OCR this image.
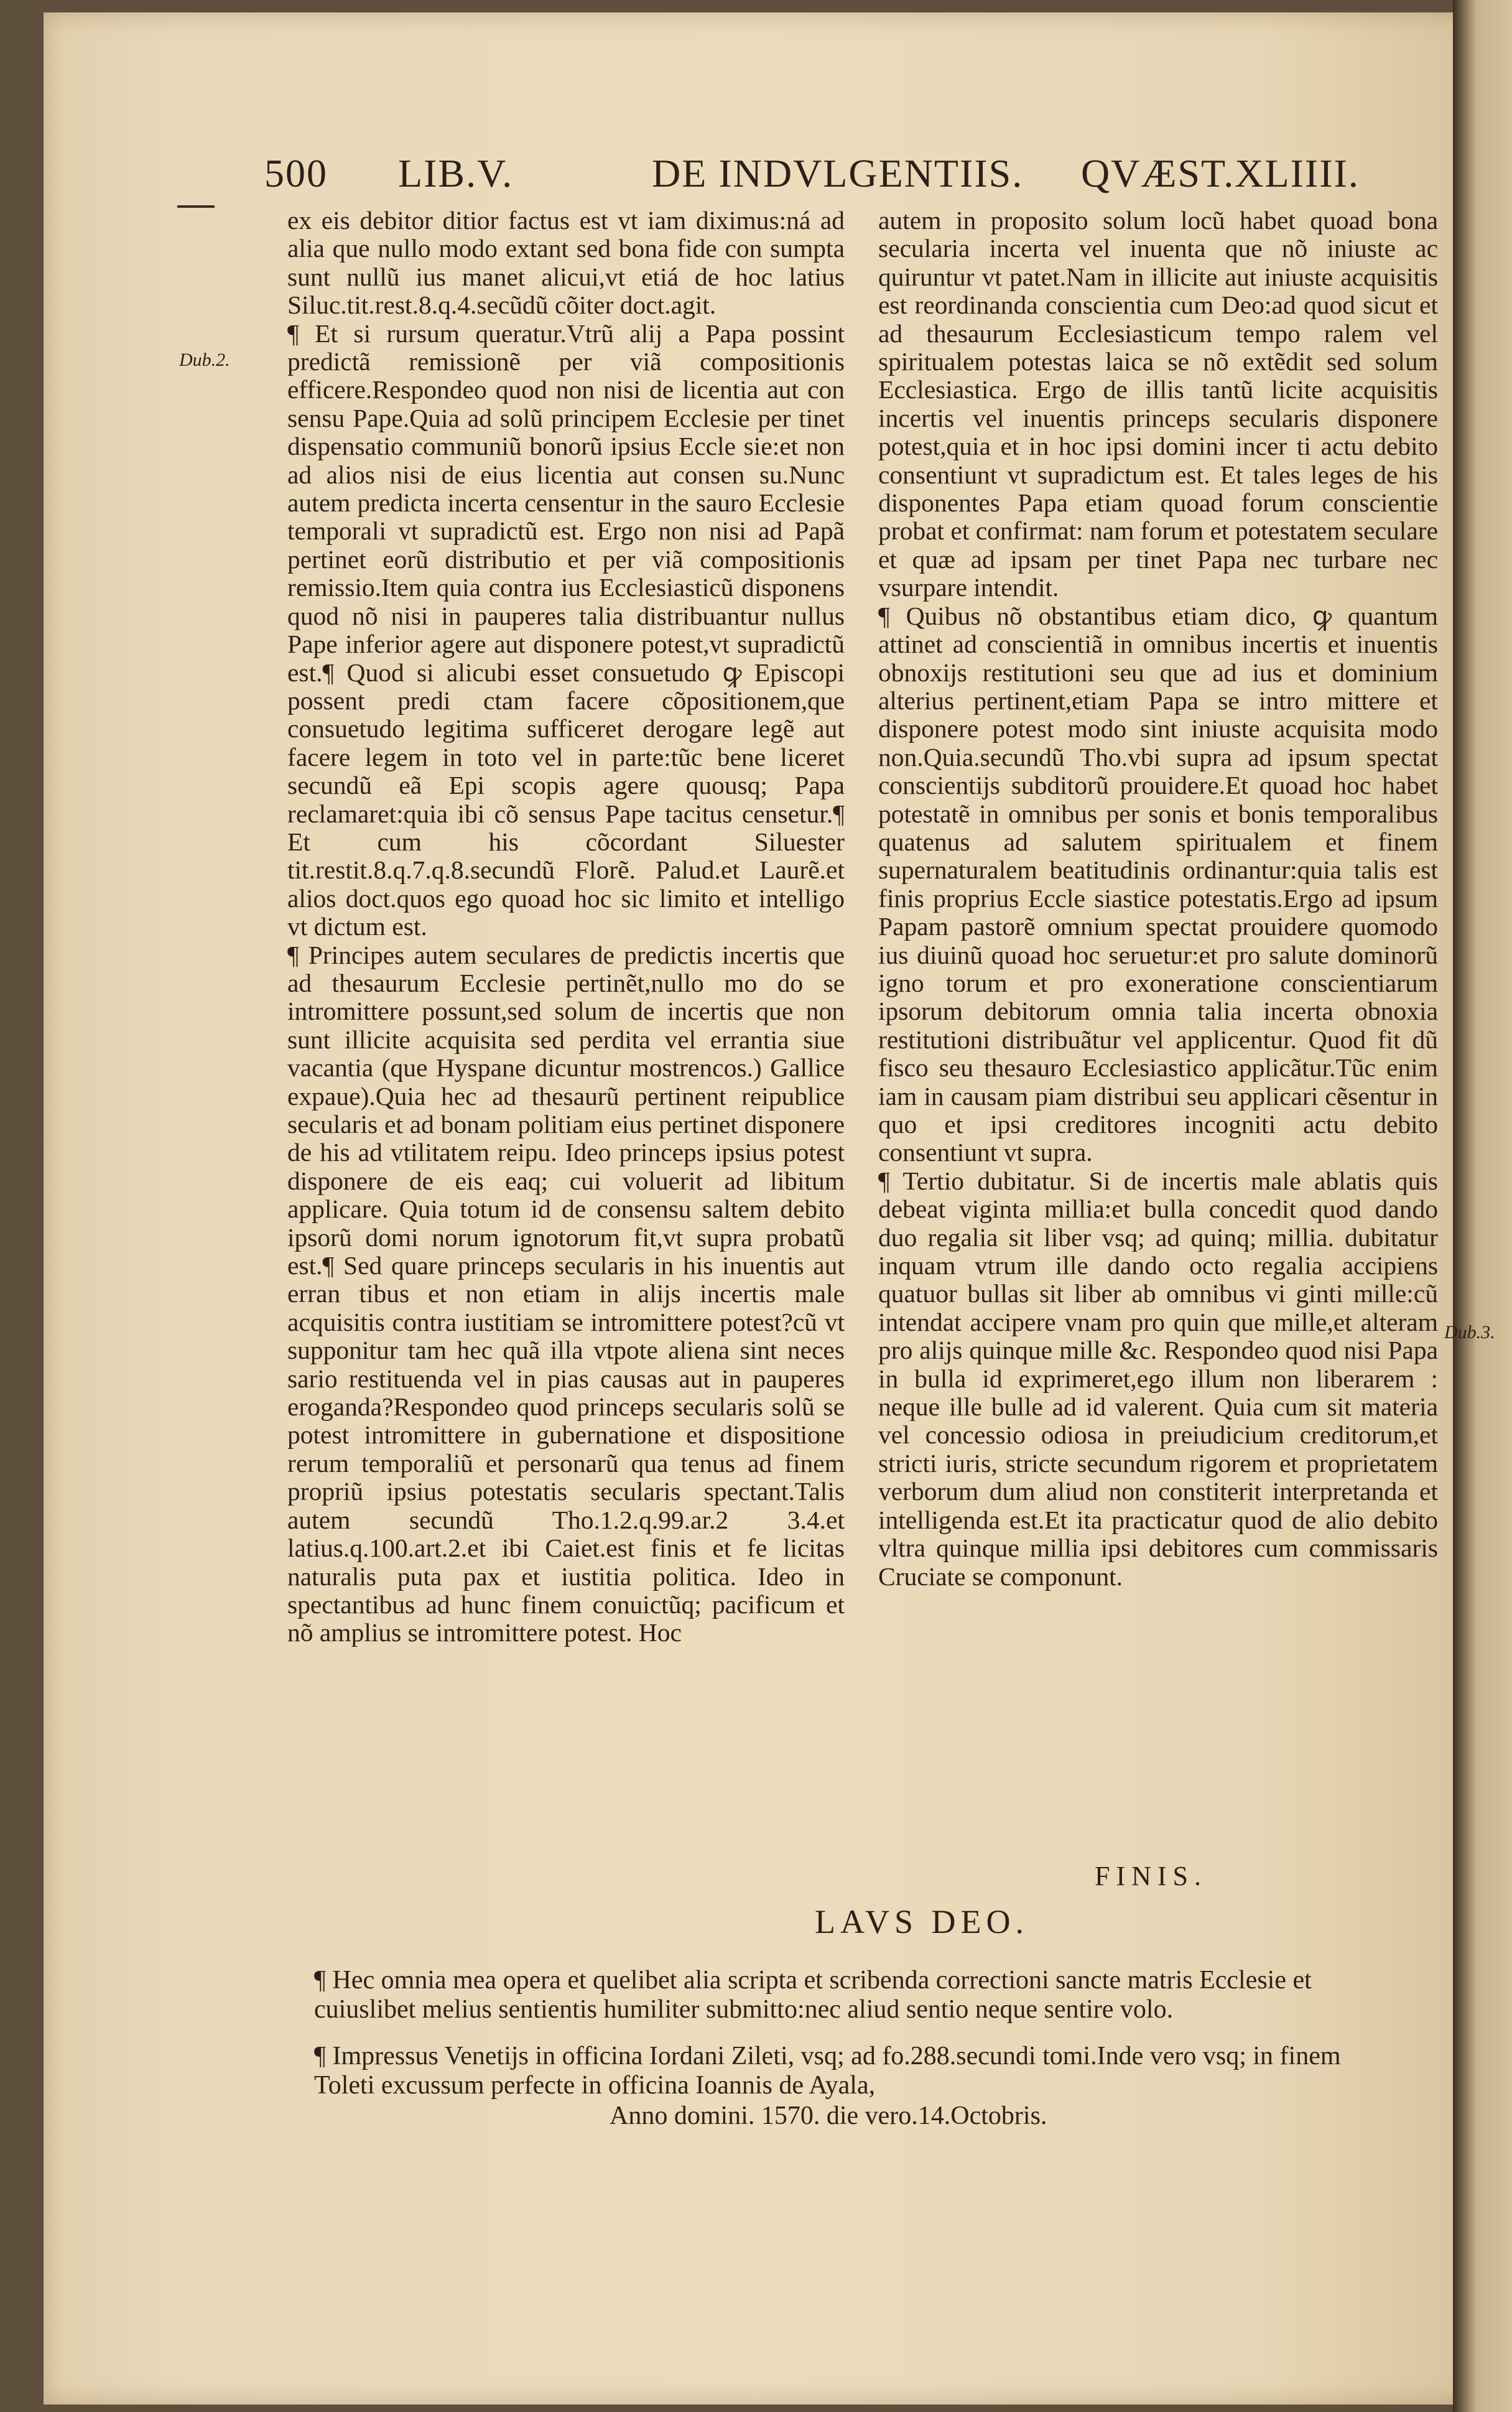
500 LIB.V.	DE INDVLGENTIIS. QVÆST.XLIIII.
Dub.2.
Dub.3.

ex eis debitor ditior factus est vt iam diximus:ná ad alia que nullo modo extant sed bona fide con sumpta sunt nullũ ius manet alicui,vt etiá de hoc latius Siluc.tit.rest.8.q.4.secũdũ cõiter doct.agit.

¶ Et si rursum queratur.Vtrũ alij a Papa possint predictã remissionẽ per viã compositionis efficere.Respondeo quod non nisi de licentia aut con sensu Pape.Quia ad solũ principem Ecclesie per tinet dispensatio communiũ bonorũ ipsius Eccle sie:et non ad alios nisi de eius licentia aut consen su.Nunc autem predicta incerta censentur in the sauro Ecclesie temporali vt supradictũ est. Ergo non nisi ad Papã pertinet eorũ distributio et per viã compositionis remissio.Item quia contra ius Ecclesiasticũ disponens quod nõ nisi in pauperes talia distribuantur nullus Pape inferior agere aut disponere potest,vt supradictũ est.¶ Quod si alicubi esset consuetudo ꝙ Episcopi possent predi ctam facere cõpositionem,que consuetudo legitima sufficeret derogare legẽ aut facere legem in toto vel in parte:tũc bene liceret secundũ eã Epi scopis agere quousq; Papa reclamaret:quia ibi cõ sensus Pape tacitus censetur.¶ Et cum his cõcordant Siluester tit.restit.8.q.7.q.8.secundũ Florẽ. Palud.et Laurẽ.et alios doct.quos ego quoad hoc sic limito et intelligo vt dictum est.

¶ Principes autem seculares de predictis incertis que ad thesaurum Ecclesie pertinẽt,nullo mo do se intromittere possunt,sed solum de incertis que non sunt illicite acquisita sed perdita vel errantia siue vacantia (que Hyspane dicuntur mostrencos.) Gallice expaue).Quia hec ad thesaurũ pertinent reipublice secularis et ad bonam politiam eius pertinet disponere de his ad vtilitatem reipu. Ideo princeps ipsius potest disponere de eis eaq; cui voluerit ad libitum applicare. Quia totum id de consensu saltem debito ipsorũ domi norum ignotorum fit,vt supra probatũ est.¶ Sed quare princeps secularis in his inuentis aut erran tibus et non etiam in alijs incertis male acquisitis contra iustitiam se intromittere potest?cũ vt supponitur tam hec quã illa vtpote aliena sint neces sario restituenda vel in pias causas aut in pauperes eroganda?Respondeo quod princeps secularis solũ se potest intromittere in gubernatione et dispositione rerum temporaliũ et personarũ qua tenus ad finem propriũ ipsius potestatis secularis spectant.Talis autem secundũ Tho.1.2.q.99.ar.2 3.4.et latius.q.100.art.2.et ibi Caiet.est finis et fe licitas naturalis puta pax et iustitia politica. Ideo in spectantibus ad hunc finem conuictũq; pacificum et nõ amplius se intromittere potest. Hoc

autem in proposito solum locũ habet quoad bona secularia incerta vel inuenta que nõ iniuste ac quiruntur vt patet.Nam in illicite aut iniuste acquisitis est reordinanda conscientia cum Deo:ad quod sicut et ad thesaurum Ecclesiasticum tempo ralem vel spiritualem potestas laica se nõ extẽdit sed solum Ecclesiastica. Ergo de illis tantũ licite acquisitis incertis vel inuentis princeps secularis disponere potest,quia et in hoc ipsi domini incer ti actu debito consentiunt vt supradictum est. Et tales leges de his disponentes Papa etiam quoad forum conscientie probat et confirmat: nam forum et potestatem seculare et quæ ad ipsam per tinet Papa nec turbare nec vsurpare intendit.

¶ Quibus nõ obstantibus etiam dico, ꝙ quantum attinet ad conscientiã in omnibus incertis et inuentis obnoxijs restitutioni seu que ad ius et dominium alterius pertinent,etiam Papa se intro mittere et disponere potest modo sint iniuste acquisita modo non.Quia.secundũ Tho.vbi supra ad ipsum spectat conscientijs subditorũ prouidere.Et quoad hoc habet potestatẽ in omnibus per sonis et bonis temporalibus quatenus ad salutem spiritualem et finem supernaturalem beatitudinis ordinantur:quia talis est finis proprius Eccle siastice potestatis.Ergo ad ipsum Papam pastorẽ omnium spectat prouidere quomodo ius diuinũ quoad hoc seruetur:et pro salute dominorũ igno torum et pro exoneratione conscientiarum ipsorum debitorum omnia talia incerta obnoxia restitutioni distribuãtur vel applicentur. Quod fit dũ fisco seu thesauro Ecclesiastico applicãtur.Tũc enim iam in causam piam distribui seu applicari cẽsentur in quo et ipsi creditores incogniti actu debito consentiunt vt supra.

¶ Tertio dubitatur. Si de incertis male ablatis quis debeat viginta millia:et bulla concedit quod dando duo regalia sit liber vsq; ad quinq; millia. dubitatur inquam vtrum ille dando octo regalia accipiens quatuor bullas sit liber ab omnibus vi ginti mille:cũ intendat accipere vnam pro quin que mille,et alteram pro alijs quinque mille &c. Respondeo quod nisi Papa in bulla id exprimeret,ego illum non liberarem : neque ille bulle ad id valerent. Quia cum sit materia vel concessio odiosa in preiudicium creditorum,et stricti iuris, stricte secundum rigorem et proprietatem verborum dum aliud non constiterit interpretanda et intelligenda est.Et ita practicatur quod de alio debito vltra quinque millia ipsi debitores cum commissaris Cruciate se componunt.

FINIS.
LAVS DEO.
¶ Hec omnia mea opera et quelibet alia scripta et scribenda correctioni sancte matris Ecclesie et cuiuslibet melius sentientis humiliter submitto:nec aliud sentio neque sentire volo.
¶ Impressus Venetijs in officina Iordani Zileti, vsq; ad fo.288.secundi tomi.Inde vero vsq; in finem Toleti excussum perfecte in officina Ioannis de Ayala,
Anno domini. 1570. die vero.14.Octobris.
